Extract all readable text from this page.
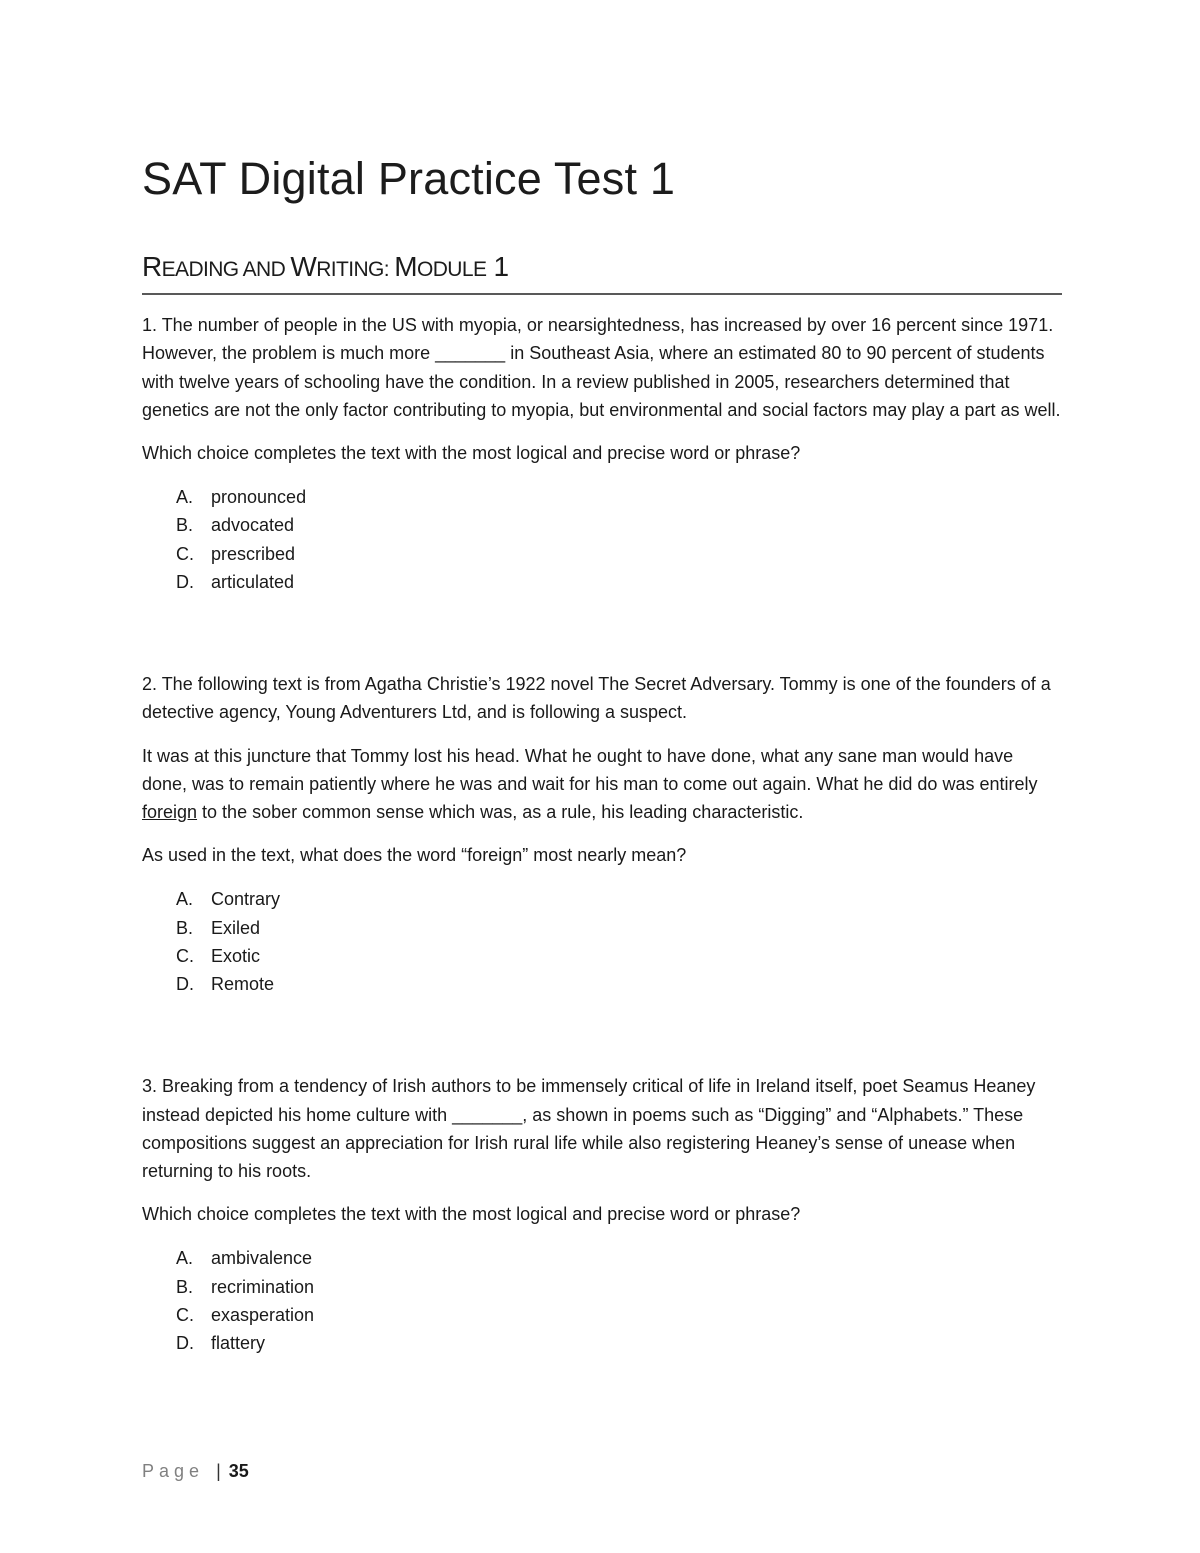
SAT Digital Practice Test 1
READING AND WRITING: MODULE 1

1. The number of people in the US with myopia, or nearsightedness, has increased by over 16 percent since 1971. However, the problem is much more _______ in Southeast Asia, where an estimated 80 to 90 percent of students with twelve years of schooling have the condition. In a review published in 2005, researchers determined that genetics are not the only factor contributing to myopia, but environmental and social factors may play a part as well.

Which choice completes the text with the most logical and precise word or phrase?

A. pronounced
B. advocated
C. prescribed
D. articulated

2. The following text is from Agatha Christie’s 1922 novel The Secret Adversary. Tommy is one of the founders of a detective agency, Young Adventurers Ltd, and is following a suspect.

It was at this juncture that Tommy lost his head. What he ought to have done, what any sane man would have done, was to remain patiently where he was and wait for his man to come out again. What he did do was entirely foreign to the sober common sense which was, as a rule, his leading characteristic.

As used in the text, what does the word “foreign” most nearly mean?

A. Contrary
B. Exiled
C. Exotic
D. Remote

3. Breaking from a tendency of Irish authors to be immensely critical of life in Ireland itself, poet Seamus Heaney instead depicted his home culture with _______, as shown in poems such as “Digging” and “Alphabets.” These compositions suggest an appreciation for Irish rural life while also registering Heaney’s sense of unease when returning to his roots.

Which choice completes the text with the most logical and precise word or phrase?

A. ambivalence
B. recrimination
C. exasperation
D. flattery
Page | 35
